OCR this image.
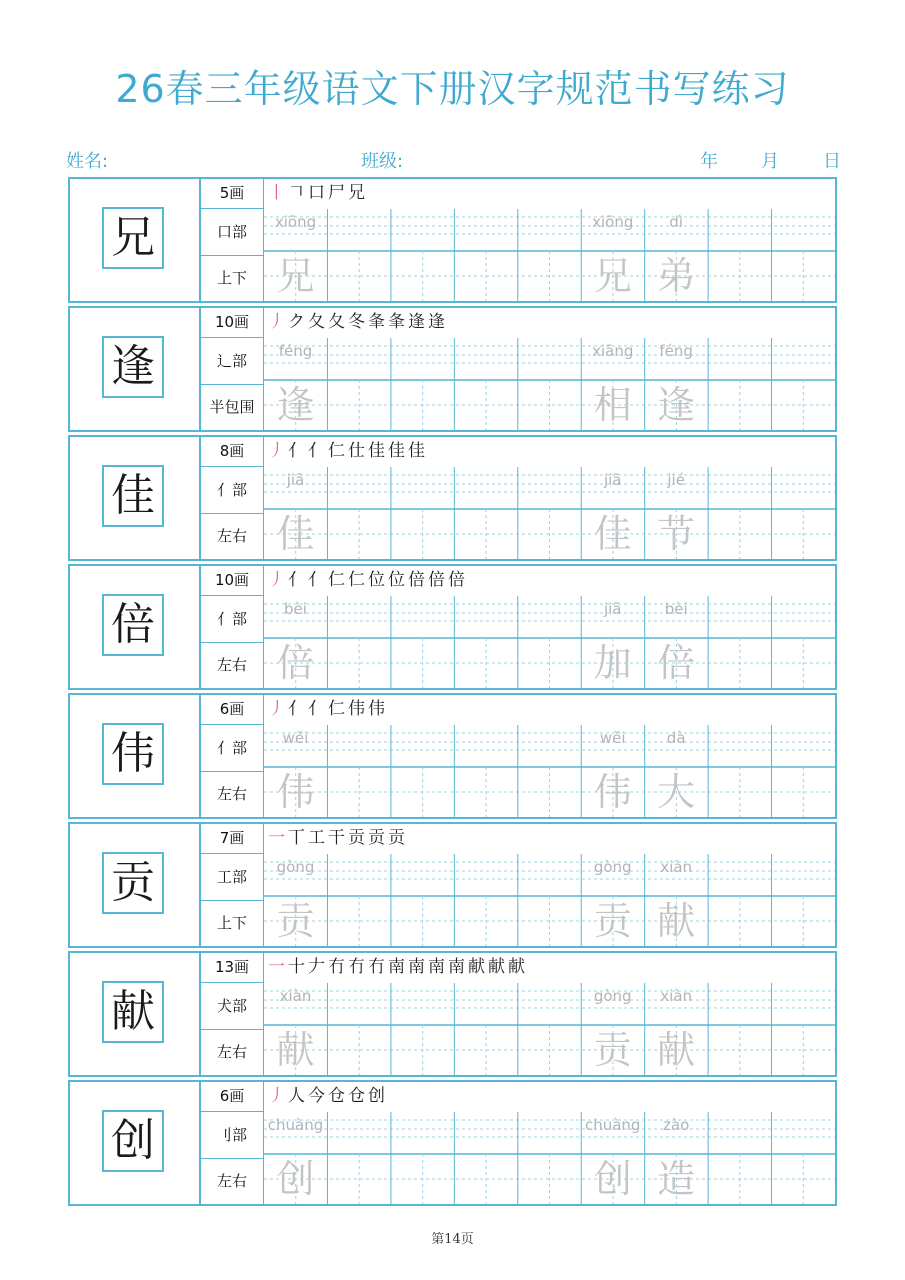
26春三年级语文下册汉字规范书写练习
姓名:	班级:	年 月 日
兄
5画
口部
上下
丨𠃍口尸兄
xiōng
兄
xiōng
兄
dì
弟
逢
10画
辶部
半包围
丿ク夂夂冬夆夆逢逢
féng
逢
xiāng
相
féng
逢
佳
8画
亻部
左右
丿亻亻仁仕佳佳佳
jiā
佳
jiā
佳
jié
节
倍
10画
亻部
左右
丿亻亻仁仁位位倍倍倍
bèi
倍
jiā
加
bèi
倍
伟
6画
亻部
左右
丿亻亻仁伟伟
wěi
伟
wěi
伟
dà
大
贡
7画
工部
上下
一丅工干贡贡贡
gòng
贡
gòng
贡
xiàn
献
献
13画
犬部
左右
一十𠂇冇冇冇南南南南献献献
xiàn
献
gòng
贡
xiàn
献
创
6画
刂部
左右
丿人今仓仓创
chuàng
创
chuàng
创
zào
造
第14页
